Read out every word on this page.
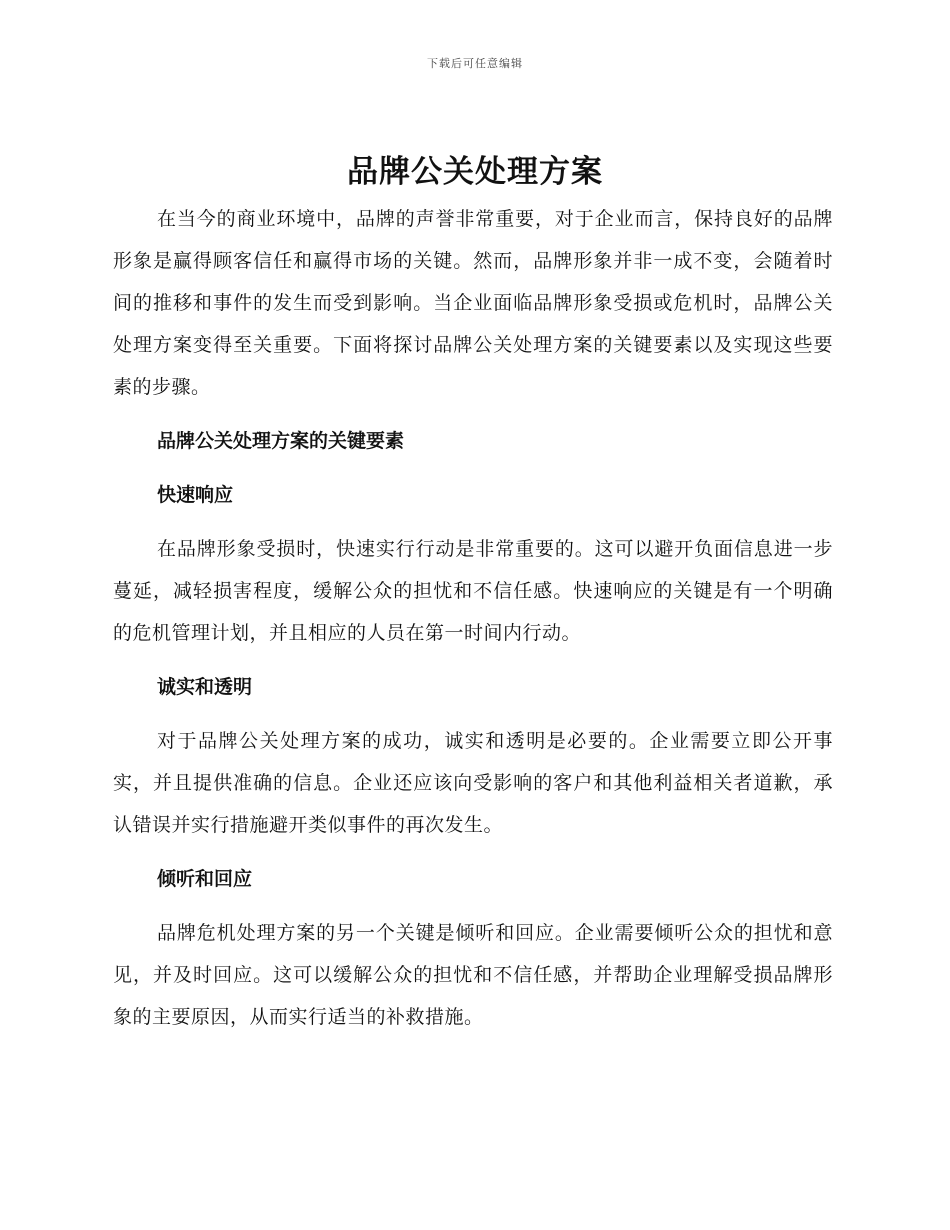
下载后可任意编辑
品牌公关处理方案

在当今的商业环境中，品牌的声誉非常重要，对于企业而言，保持良好的品牌形象是赢得顾客信任和赢得市场的关键。然而，品牌形象并非一成不变，会随着时间的推移和事件的发生而受到影响。当企业面临品牌形象受损或危机时，品牌公关处理方案变得至关重要。下面将探讨品牌公关处理方案的关键要素以及实现这些要素的步骤。

品牌公关处理方案的关键要素

快速响应

在品牌形象受损时，快速实行行动是非常重要的。这可以避开负面信息进一步蔓延，减轻损害程度，缓解公众的担忧和不信任感。快速响应的关键是有一个明确的危机管理计划，并且相应的人员在第一时间内行动。

诚实和透明

对于品牌公关处理方案的成功，诚实和透明是必要的。企业需要立即公开事实，并且提供准确的信息。企业还应该向受影响的客户和其他利益相关者道歉，承认错误并实行措施避开类似事件的再次发生。

倾听和回应

品牌危机处理方案的另一个关键是倾听和回应。企业需要倾听公众的担忧和意见，并及时回应。这可以缓解公众的担忧和不信任感，并帮助企业理解受损品牌形象的主要原因，从而实行适当的补救措施。
